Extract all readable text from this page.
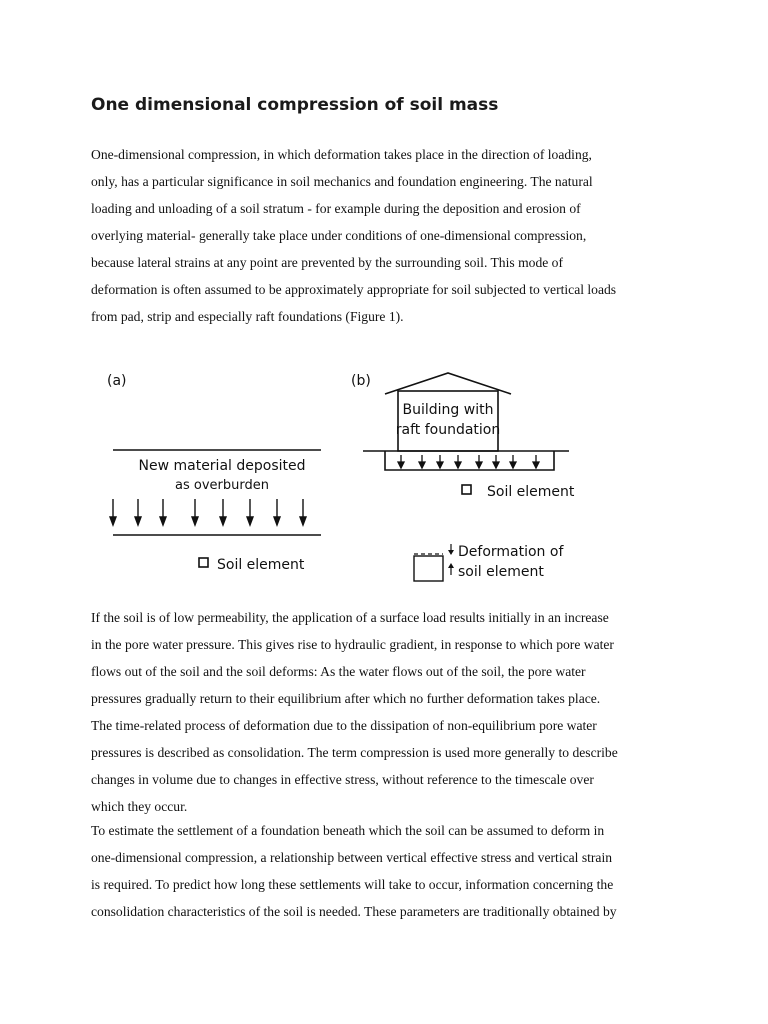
One dimensional compression of soil mass
One-dimensional compression, in which deformation takes place in the direction of loading,
only, has a particular significance in soil mechanics and foundation engineering. The natural
loading and unloading of a soil stratum - for example during the deposition and erosion of
overlying material- generally take place under conditions of one-dimensional compression,
because lateral strains at any point are prevented by the surrounding soil. This mode of
deformation is often assumed to be approximately appropriate for soil subjected to vertical loads
from pad, strip and especially raft foundations (Figure 1).
(a)
New material deposited
as overburden
Soil element
(b)
Building with
raft foundation
Soil element
Deformation of
soil element
If the soil is of low permeability, the application of a surface load results initially in an increase
in the pore water pressure. This gives rise to hydraulic gradient, in response to which pore water
flows out of the soil and the soil deforms: As the water flows out of the soil, the pore water
pressures gradually return to their equilibrium after which no further deformation takes place.
The time-related process of deformation due to the dissipation of non-equilibrium pore water
pressures is described as consolidation. The term compression is used more generally to describe
changes in volume due to changes in effective stress, without reference to the timescale over
which they occur.
To estimate the settlement of a foundation beneath which the soil can be assumed to deform in
one-dimensional compression, a relationship between vertical effective stress and vertical strain
is required. To predict how long these settlements will take to occur, information concerning the
consolidation characteristics of the soil is needed. These parameters are traditionally obtained by
